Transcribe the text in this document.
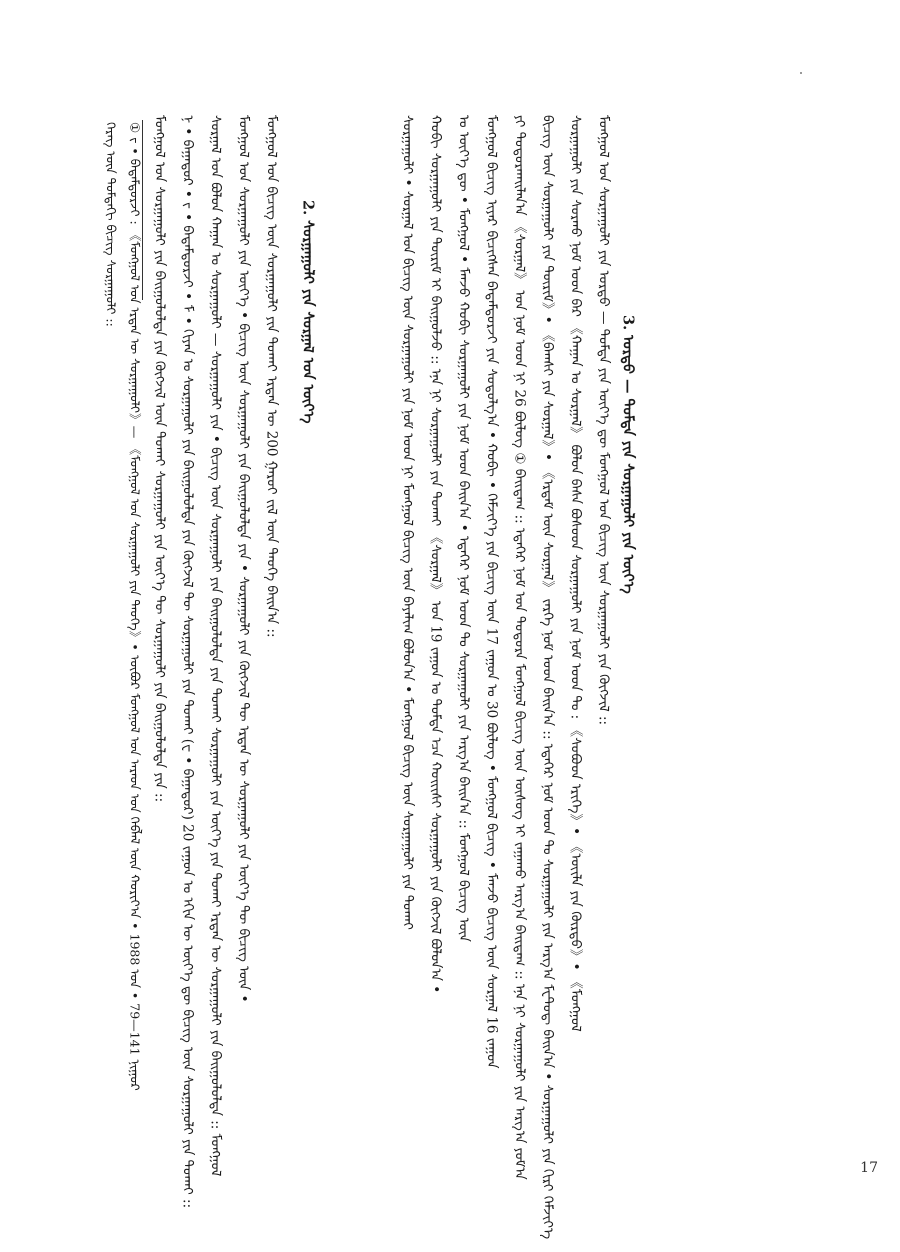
ᠬᠡᠷᠡᠭ ᠦᠨ ᠳᠤᠮᠳᠠᠬᠢ ᠪᠢᠴᠢᠭ ᠰᠤᠷᠭᠠᠭᠤᠯᠢ :: ① ᠵ • ᠪᠠᠳᠠᠮᠳᠣᠷᠵᠢ : 《ᠮᠣᠩᠭᠣᠯ ᠤᠨ ᠡᠷᠲᠡᠨ ᠦ ᠰᠤᠷᠭᠠᠭᠤᠯᠢ》— 《ᠮᠣᠩᠭᠣᠯ ᠤᠨ ᠰᠤᠷᠭᠠᠭᠤᠯᠢ ᠶᠢᠨ ᠲᠡᠦᠬᠡ》• ᠦᠪᠦᠷ ᠮᠣᠩᠭᠣᠯ ᠤᠨ ᠠᠷᠠᠳ ᠤᠨ ᠬᠡᠪᠯᠡᠯ ᠦᠨ ᠬᠣᠷᠢᠶ᠎ᠠ • 1988 ᠣᠨ • 79—141 ᠨᠢᠭᠤᠷ	3. ᠤᠷᠲᠤ — ᠳᠤᠮᠳᠠ ᠶᠢᠨ ᠰᠤᠷᠭᠠᠭᠤᠯᠢ ᠶᠢᠨ ᠦᠶ᠎ᠡ
ᠮᠣᠩᠭᠣᠯ ᠤᠨ ᠰᠤᠷᠭᠠᠭᠤᠯᠢ ᠶᠢᠨ ᠤᠷᠲᠤ — ᠳᠤᠮᠳᠠ ᠶᠢᠨ ᠦᠶ᠎ᠡ ᠳᠦ ᠮᠣᠩᠭᠣᠯ ᠤᠨ ᠪᠢᠴᠢᠭ ᠦᠨ ᠰᠤᠷᠭᠠᠭᠤᠯᠢ ᠶᠢᠨ ᠬᠥᠭᠵᠢᠯ ::
ᠰᠤᠷᠭᠠᠭᠤᠯᠢ ᠶᠢᠨ ᠰᠤᠷᠬᠤ ᠨᠣᠮ ᠤᠳ ᠪᠡᠷ 《ᠬᠠᠭᠠᠨ ᠤ ᠰᠤᠷᠭᠠᠯ》 ᠪᠣᠯᠤᠨ ᠪᠠᠰᠠ ᠪᠣᠰᠤᠳ ᠰᠤᠷᠭᠠᠭᠤᠯᠢ ᠶᠢᠨ ᠨᠣᠮ ᠤᠳ ᠲᠤ : 《ᠰᠤᠪᠤᠳ ᠡᠷᠢᠬᠡ》• 《ᠦᠢᠯᠡ ᠶᠢᠨ ᠬᠦᠷᠳᠦ》• 《ᠮᠣᠩᠭᠣᠯ
ᠪᠢᠴᠢᠭ ᠦᠨ ᠰᠤᠷᠭᠠᠭᠤᠯᠢ ᠶᠢᠨ ᠳᠦᠷᠢᠮ》• 《ᠪᠠᠭᠰᠢ ᠶᠢᠨ ᠰᠤᠷᠭᠠᠯ》• 《ᠡᠷᠳᠡᠮ ᠦᠨ ᠰᠤᠷᠭᠠᠯ》 ᠵᠡᠷᠭᠡ ᠨᠣᠮ ᠤᠳ ᠪᠠᠢᠨ᠎ᠠ :: ᠡᠳᠡᠭᠡᠷ ᠨᠣᠮ ᠤᠳ ᠲᠤ ᠰᠤᠷᠭᠠᠭᠤᠯᠢ ᠶᠢᠨ ᠠᠷᠭ᠎ᠠ ᠮᠧᠲ᠋ᠣᠳ᠋ ᠪᠠᠢᠨ᠎ᠠ • ᠰᠤᠷᠭᠠᠭᠤᠯᠢ ᠶᠢᠨ ᠬᠢᠷᠢ ᠬᠡᠮᠵᠢᠶ᠎ᠡ
ᠶᠢ ᠲᠣᠳᠣᠷᠬᠠᠢᠯᠠᠨ᠎ᠠ 《ᠰᠤᠷᠭᠠᠯ》 ᠤᠨ ᠨᠣᠮ ᠤᠳ ᠨᠢ 26 ᠪᠦᠯᠦᠭ ① ᠪᠠᠢᠳᠠᠭ :: ᠡᠳᠡᠭᠡᠷ ᠨᠣᠮ ᠤᠨ ᠳᠣᠲᠣᠷᠠ ᠮᠣᠩᠭᠣᠯ ᠪᠢᠴᠢᠭ ᠦᠨ ᠦᠰᠦᠭ ᠢ ᠵᠠᠭᠠᠬᠤ ᠠᠷᠭ᠎ᠠ ᠪᠠᠢᠳᠠᠭ :: ᠡᠨᠡ ᠨᠢ ᠰᠤᠷᠭᠠᠭᠤᠯᠢ ᠶᠢᠨ ᠠᠷᠭ᠎ᠠ ᠶᠤᠮ᠎ᠠ
ᠮᠣᠩᠭᠣᠯ ᠪᠢᠴᠢᠭ ᠢᠶᠡᠷ ᠪᠢᠴᠢᠭᠰᠡᠨ ᠪᠠᠳᠠᠮᠳᠣᠷᠵᠢ ᠶᠢᠨ ᠰᠤᠳᠤᠯᠭ᠎ᠠ • ᠬᠤᠪᠢ • ᠬᠡᠮᠵᠢᠶ᠎ᠡ ᠶᠢᠨ ᠪᠢᠴᠢᠭ ᠦᠨ 17 ᠵᠠᠭᠤᠨ ᠤ 30 ᠪᠦᠯᠦᠭ • ᠮᠣᠩᠭᠣᠯ ᠪᠢᠴᠢᠭ • ᠮᠠᠨᠵᠤ ᠪᠢᠴᠢᠭ ᠦᠨ ᠰᠤᠷᠭᠠᠯ 16 ᠵᠠᠭᠤᠨ
ᠤ ᠦᠶ᠎ᠡ ᠳᠦ • ᠮᠣᠩᠭᠣᠯ • ᠮᠠᠨᠵᠤ ᠬᠤᠪᠢ ᠰᠤᠷᠭᠠᠭᠤᠯᠢ ᠶᠢᠨ ᠨᠣᠮ ᠤᠳ ᠪᠠᠢᠨ᠎ᠠ • ᠡᠳᠡᠭᠡᠷ ᠨᠣᠮ ᠤᠳ ᠲᠤ ᠰᠤᠷᠭᠠᠭᠤᠯᠢ ᠶᠢᠨ ᠠᠷᠭ᠎ᠠ ᠪᠠᠢᠨ᠎ᠠ :: ᠮᠣᠩᠭᠣᠯ ᠪᠢᠴᠢᠭ ᠦᠨ
ᠬᠤᠪᠢ ᠰᠤᠷᠭᠠᠭᠤᠯᠢ ᠶᠢᠨ ᠳᠦᠷᠢᠮ ᠢ ᠪᠠᠢᠭᠤᠯᠵᠤ :: ᠡᠨᠡ ᠨᠢ ᠰᠤᠷᠭᠠᠭᠤᠯᠢ ᠶᠢᠨ ᠲᠤᠬᠠᠢ 《ᠰᠤᠷᠭᠠᠯ》 ᠤᠨ 19 ᠵᠠᠭᠤᠨ ᠤ ᠳᠤᠮᠳᠠ ᠡᠴᠡ ᠬᠣᠢᠢᠰᠢ ᠰᠤᠷᠭᠠᠭᠤᠯᠢ ᠶᠢᠨ ᠬᠥᠭᠵᠢᠯ ᠪᠣᠯᠤᠨ᠎ᠠ •
ᠰᠤᠷᠭᠠᠭᠤᠯᠢ • ᠰᠤᠷᠭᠠᠯ ᠤᠨ ᠪᠢᠴᠢᠭ ᠦᠨ ᠰᠤᠷᠭᠠᠭᠤᠯᠢ ᠶᠢᠨ ᠨᠣᠮ ᠤᠳ ᠨᠢ ᠮᠣᠩᠭᠣᠯ ᠪᠢᠴᠢᠭ ᠦᠨ ᠪᠠᠶᠠᠯᠢᠭ ᠪᠣᠯᠤᠨ᠎ᠠ • ᠮᠣᠩᠭᠣᠯ ᠪᠢᠴᠢᠭ ᠦᠨ ᠰᠤᠷᠭᠠᠭᠤᠯᠢ ᠶᠢᠨ ᠲᠤᠬᠠᠢ
2. ᠰᠤᠷᠭᠠᠭᠤᠯᠢ ᠶᠢᠨ ᠰᠤᠷᠭᠠᠯ ᠤᠨ ᠦᠶ᠎ᠡ
ᠮᠣᠩᠭᠣᠯ ᠤᠨ ᠪᠢᠴᠢᠭ ᠦᠨ ᠰᠤᠷᠭᠠᠭᠤᠯᠢ ᠶᠢᠨ ᠲᠤᠬᠠᠢ ᠡᠷᠲᠡᠨ ᠦ 200 ᠭᠠᠷᠤᠢ ᠵᠢᠯ ᠦᠨ ᠲᠡᠦᠬᠡ ᠪᠠᠢᠨ᠎ᠠ ::
ᠮᠣᠩᠭᠣᠯ ᠤᠨ ᠰᠤᠷᠭᠠᠭᠤᠯᠢ ᠶᠢᠨ ᠦᠶ᠎ᠡ • ᠪᠢᠴᠢᠭ ᠦᠨ ᠰᠤᠷᠭᠠᠭᠤᠯᠢ ᠶᠢᠨ ᠪᠠᠢᠭᠤᠯᠤᠯᠲᠠ ᠶᠢᠨ • ᠰᠤᠷᠭᠠᠭᠤᠯᠢ ᠶᠢᠨ ᠬᠥᠭᠵᠢᠯ ᠲᠦ ᠡᠷᠲᠡᠨ ᠦ ᠰᠤᠷᠭᠠᠭᠤᠯᠢ ᠶᠢᠨ ᠦᠶ᠎ᠡ ᠲᠦ ᠪᠢᠴᠢᠭ ᠦᠨ •
ᠰᠤᠷᠭᠠᠯ ᠤᠨ ᠪᠣᠯᠤᠨ ᠬᠠᠭᠠᠨ ᠤ ᠰᠤᠷᠭᠠᠭᠤᠯᠢ — ᠰᠤᠷᠭᠠᠭᠤᠯᠢ ᠶᠢᠨ • ᠪᠢᠴᠢᠭ ᠦᠨ ᠰᠤᠷᠭᠠᠭᠤᠯᠢ ᠶᠢᠨ ᠪᠠᠢᠭᠤᠯᠤᠯᠲᠠ ᠶᠢᠨ ᠲᠤᠬᠠᠢ ᠰᠤᠷᠭᠠᠭᠤᠯᠢ ᠶᠢᠨ ᠦᠶ᠎ᠡ ᠶᠢᠨ ᠲᠤᠬᠠᠢ ᠡᠷᠲᠡᠨ ᠦ ᠰᠤᠷᠭᠠᠭᠤᠯᠢ ᠶᠢᠨ ᠪᠠᠢᠭᠤᠯᠤᠯᠲᠠ :: ᠮᠣᠩᠭᠣᠯ
ᠨ • ᠪᠠᠭᠠᠲᠤᠷ • ᠵ • ᠪᠠᠳᠠᠮᠳᠣᠷᠵᠢ • ᠮ • ᠬᠢᠶᠠᠨ ᠤ ᠰᠤᠷᠭᠠᠭᠤᠯᠢ ᠶᠢᠨ ᠪᠠᠢᠭᠤᠯᠤᠯᠲᠠ ᠶᠢᠨ ᠬᠥᠭᠵᠢᠯ ᠲᠦ ᠰᠤᠷᠭᠠᠭᠤᠯᠢ ᠶᠢᠨ ᠲᠤᠬᠠᠢ (ᠸ • ᠪᠠᠭᠠᠲᠤᠷ) 20 ᠵᠠᠭᠤᠨ ᠤ ᠡᠬᠢᠨ ᠦ ᠦᠶ᠎ᠡ ᠳᠦ ᠪᠢᠴᠢᠭ ᠦᠨ ᠰᠤᠷᠭᠠᠭᠤᠯᠢ ᠶᠢᠨ ᠲᠤᠬᠠᠢ ::
ᠮᠣᠩᠭᠣᠯ ᠤᠨ ᠰᠤᠷᠭᠠᠭᠤᠯᠢ ᠶᠢᠨ ᠪᠠᠢᠭᠤᠯᠤᠯᠲᠠ ᠶᠢᠨ ᠬᠥᠭᠵᠢᠯ ᠦᠨ ᠲᠤᠬᠠᠢ ᠰᠤᠷᠭᠠᠭᠤᠯᠢ ᠶᠢᠨ ᠦᠶ᠎ᠡ ᠲᠦ ᠰᠤᠷᠭᠠᠭᠤᠯᠢ ᠶᠢᠨ ᠪᠠᠢᠭᠤᠯᠤᠯᠲᠠ ᠶᠢᠨ ::
17
